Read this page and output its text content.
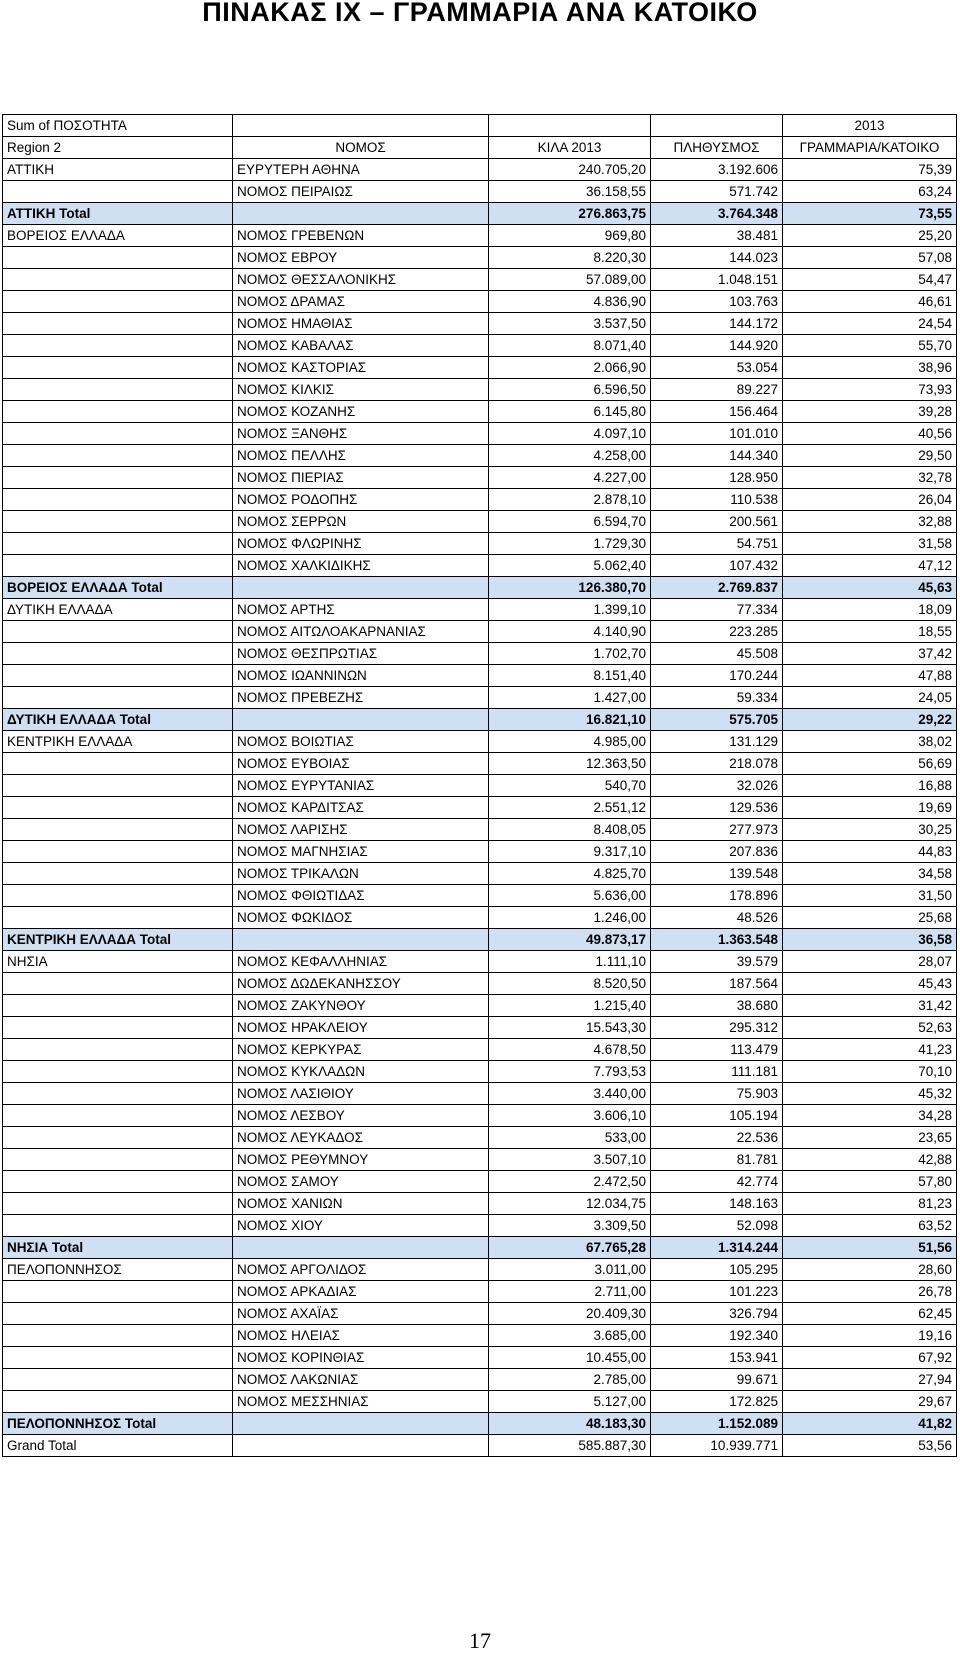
ΠΙΝΑΚΑΣ IX – ΓΡΑΜΜΑΡΙΑ ΑΝΑ ΚΑΤΟΙΚΟ
Sum of ΠΟΣΟΤΗΤΑ				2013
Region 2	ΝΟΜΟΣ	ΚΙΛΑ 2013	ΠΛΗΘΥΣΜΟΣ	ΓΡΑΜΜΑΡΙΑ/ΚΑΤΟΙΚΟ
ΑΤΤΙΚΗ	ΕΥΡΥΤΕΡΗ ΑΘΗΝΑ	240.705,20	3.192.606	75,39
	ΝΟΜΟΣ ΠΕΙΡΑΙΩΣ	36.158,55	571.742	63,24
ΑΤΤΙΚΗ Total		276.863,75	3.764.348	73,55
ΒΟΡΕΙΟΣ ΕΛΛΑΔΑ	ΝΟΜΟΣ ΓΡΕΒΕΝΩΝ	969,80	38.481	25,20
	ΝΟΜΟΣ ΕΒΡΟΥ	8.220,30	144.023	57,08
	ΝΟΜΟΣ ΘΕΣΣΑΛΟΝΙΚΗΣ	57.089,00	1.048.151	54,47
	ΝΟΜΟΣ ΔΡΑΜΑΣ	4.836,90	103.763	46,61
	ΝΟΜΟΣ ΗΜΑΘΙΑΣ	3.537,50	144.172	24,54
	ΝΟΜΟΣ ΚΑΒΑΛΑΣ	8.071,40	144.920	55,70
	ΝΟΜΟΣ ΚΑΣΤΟΡΙΑΣ	2.066,90	53.054	38,96
	ΝΟΜΟΣ ΚΙΛΚΙΣ	6.596,50	89.227	73,93
	ΝΟΜΟΣ ΚΟΖΑΝΗΣ	6.145,80	156.464	39,28
	ΝΟΜΟΣ ΞΑΝΘΗΣ	4.097,10	101.010	40,56
	ΝΟΜΟΣ ΠΕΛΛΗΣ	4.258,00	144.340	29,50
	ΝΟΜΟΣ ΠΙΕΡΙΑΣ	4.227,00	128.950	32,78
	ΝΟΜΟΣ ΡΟΔΟΠΗΣ	2.878,10	110.538	26,04
	ΝΟΜΟΣ ΣΕΡΡΩΝ	6.594,70	200.561	32,88
	ΝΟΜΟΣ ΦΛΩΡΙΝΗΣ	1.729,30	54.751	31,58
	ΝΟΜΟΣ ΧΑΛΚΙΔΙΚΗΣ	5.062,40	107.432	47,12
ΒΟΡΕΙΟΣ ΕΛΛΑΔΑ Total		126.380,70	2.769.837	45,63
ΔΥΤΙΚΗ ΕΛΛΑΔΑ	ΝΟΜΟΣ ΑΡΤΗΣ	1.399,10	77.334	18,09
	ΝΟΜΟΣ ΑΙΤΩΛΟΑΚΑΡΝΑΝΙΑΣ	4.140,90	223.285	18,55
	ΝΟΜΟΣ ΘΕΣΠΡΩΤΙΑΣ	1.702,70	45.508	37,42
	ΝΟΜΟΣ ΙΩΑΝΝΙΝΩΝ	8.151,40	170.244	47,88
	ΝΟΜΟΣ ΠΡΕΒΕΖΗΣ	1.427,00	59.334	24,05
ΔΥΤΙΚΗ ΕΛΛΑΔΑ Total		16.821,10	575.705	29,22
ΚΕΝΤΡΙΚΗ ΕΛΛΑΔΑ	ΝΟΜΟΣ ΒΟΙΩΤΙΑΣ	4.985,00	131.129	38,02
	ΝΟΜΟΣ ΕΥΒΟΙΑΣ	12.363,50	218.078	56,69
	ΝΟΜΟΣ ΕΥΡΥΤΑΝΙΑΣ	540,70	32.026	16,88
	ΝΟΜΟΣ ΚΑΡΔΙΤΣΑΣ	2.551,12	129.536	19,69
	ΝΟΜΟΣ ΛΑΡΙΣΗΣ	8.408,05	277.973	30,25
	ΝΟΜΟΣ ΜΑΓΝΗΣΙΑΣ	9.317,10	207.836	44,83
	ΝΟΜΟΣ ΤΡΙΚΑΛΩΝ	4.825,70	139.548	34,58
	ΝΟΜΟΣ ΦΘΙΩΤΙΔΑΣ	5.636,00	178.896	31,50
	ΝΟΜΟΣ ΦΩΚΙΔΟΣ	1.246,00	48.526	25,68
ΚΕΝΤΡΙΚΗ ΕΛΛΑΔΑ Total		49.873,17	1.363.548	36,58
ΝΗΣΙΑ	ΝΟΜΟΣ ΚΕΦΑΛΛΗΝΙΑΣ	1.111,10	39.579	28,07
	ΝΟΜΟΣ ΔΩΔΕΚΑΝΗΣΣΟΥ	8.520,50	187.564	45,43
	ΝΟΜΟΣ ΖΑΚΥΝΘΟΥ	1.215,40	38.680	31,42
	ΝΟΜΟΣ ΗΡΑΚΛΕΙΟΥ	15.543,30	295.312	52,63
	ΝΟΜΟΣ ΚΕΡΚΥΡΑΣ	4.678,50	113.479	41,23
	ΝΟΜΟΣ ΚΥΚΛΑΔΩΝ	7.793,53	111.181	70,10
	ΝΟΜΟΣ ΛΑΣΙΘΙΟΥ	3.440,00	75.903	45,32
	ΝΟΜΟΣ ΛΕΣΒΟΥ	3.606,10	105.194	34,28
	ΝΟΜΟΣ ΛΕΥΚΑΔΟΣ	533,00	22.536	23,65
	ΝΟΜΟΣ ΡΕΘΥΜΝΟΥ	3.507,10	81.781	42,88
	ΝΟΜΟΣ ΣΑΜΟΥ	2.472,50	42.774	57,80
	ΝΟΜΟΣ ΧΑΝΙΩΝ	12.034,75	148.163	81,23
	ΝΟΜΟΣ ΧΙΟΥ	3.309,50	52.098	63,52
ΝΗΣΙΑ Total		67.765,28	1.314.244	51,56
ΠΕΛΟΠΟΝΝΗΣΟΣ	ΝΟΜΟΣ ΑΡΓΟΛΙΔΟΣ	3.011,00	105.295	28,60
	ΝΟΜΟΣ ΑΡΚΑΔΙΑΣ	2.711,00	101.223	26,78
	ΝΟΜΟΣ ΑΧΑΪΑΣ	20.409,30	326.794	62,45
	ΝΟΜΟΣ ΗΛΕΙΑΣ	3.685,00	192.340	19,16
	ΝΟΜΟΣ ΚΟΡΙΝΘΙΑΣ	10.455,00	153.941	67,92
	ΝΟΜΟΣ ΛΑΚΩΝΙΑΣ	2.785,00	99.671	27,94
	ΝΟΜΟΣ ΜΕΣΣΗΝΙΑΣ	5.127,00	172.825	29,67
ΠΕΛΟΠΟΝΝΗΣΟΣ Total		48.183,30	1.152.089	41,82
Grand Total		585.887,30	10.939.771	53,56
17
